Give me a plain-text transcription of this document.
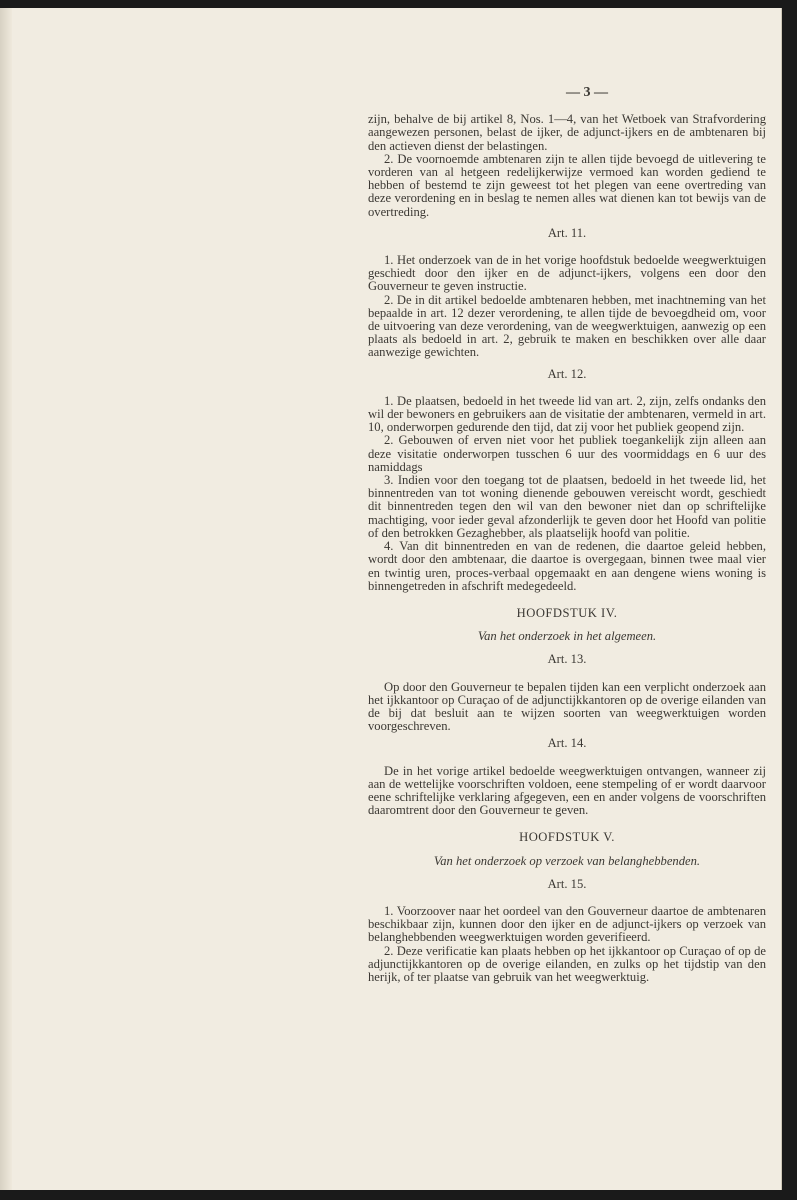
— 3 —

zijn, behalve de bij artikel 8, Nos. 1—4, van het Wetboek van Strafvordering aangewezen personen, belast de ijker, de adjunct-ijkers en de ambtenaren bij den actieven dienst der belastingen.

2. De voornoemde ambtenaren zijn te allen tijde bevoegd de uitlevering te vorderen van al hetgeen redelijkerwijze vermoed kan worden gediend te hebben of bestemd te zijn geweest tot het plegen van eene overtreding van deze verordening en in beslag te nemen alles wat dienen kan tot bewijs van de overtreding.

Art. 11.

1. Het onderzoek van de in het vorige hoofdstuk bedoelde weegwerktuigen geschiedt door den ijker en de adjunct-ijkers, volgens een door den Gouverneur te geven instructie.

2. De in dit artikel bedoelde ambtenaren hebben, met inachtneming van het bepaalde in art. 12 dezer verordening, te allen tijde de bevoegdheid om, voor de uitvoering van deze verordening, van de weegwerktuigen, aanwezig op een plaats als bedoeld in art. 2, gebruik te maken en beschikken over alle daar aanwezige gewichten.

Art. 12.

1. De plaatsen, bedoeld in het tweede lid van art. 2, zijn, zelfs ondanks den wil der bewoners en gebruikers aan de visitatie der ambtenaren, vermeld in art. 10, onderworpen gedurende den tijd, dat zij voor het publiek geopend zijn.

2. Gebouwen of erven niet voor het publiek toegankelijk zijn alleen aan deze visitatie onderworpen tusschen 6 uur des voormiddags en 6 uur des namiddags

3. Indien voor den toegang tot de plaatsen, bedoeld in het tweede lid, het binnentreden van tot woning dienende gebouwen vereischt wordt, geschiedt dit binnentreden tegen den wil van den bewoner niet dan op schriftelijke machtiging, voor ieder geval afzonderlijk te geven door het Hoofd van politie of den betrokken Gezaghebber, als plaatselijk hoofd van politie.

4. Van dit binnentreden en van de redenen, die daartoe geleid hebben, wordt door den ambtenaar, die daartoe is overgegaan, binnen twee maal vier en twintig uren, proces-verbaal opgemaakt en aan dengene wiens woning is binnengetreden in afschrift medegedeeld.

HOOFDSTUK IV.
Van het onderzoek in het algemeen.
Art. 13.

Op door den Gouverneur te bepalen tijden kan een verplicht onderzoek aan het ijkkantoor op Curaçao of de adjunctijkkantoren op de overige eilanden van de bij dat besluit aan te wijzen soorten van weegwerktuigen worden voorgeschreven.

Art. 14.

De in het vorige artikel bedoelde weegwerktuigen ontvangen, wanneer zij aan de wettelijke voorschriften voldoen, eene stempeling of er wordt daarvoor eene schriftelijke verklaring afgegeven, een en ander volgens de voorschriften daaromtrent door den Gouverneur te geven.

HOOFDSTUK V.
Van het onderzoek op verzoek van belanghebbenden.
Art. 15.

1. Voorzoover naar het oordeel van den Gouverneur daartoe de ambtenaren beschikbaar zijn, kunnen door den ijker en de adjunct-ijkers op verzoek van belanghebbenden weegwerktuigen worden geverifieerd.

2. Deze verificatie kan plaats hebben op het ijkkantoor op Curaçao of op de adjunctijkkantoren op de overige eilanden, en zulks op het tijdstip van den herijk, of ter plaatse van gebruik van het weegwerktuig.
